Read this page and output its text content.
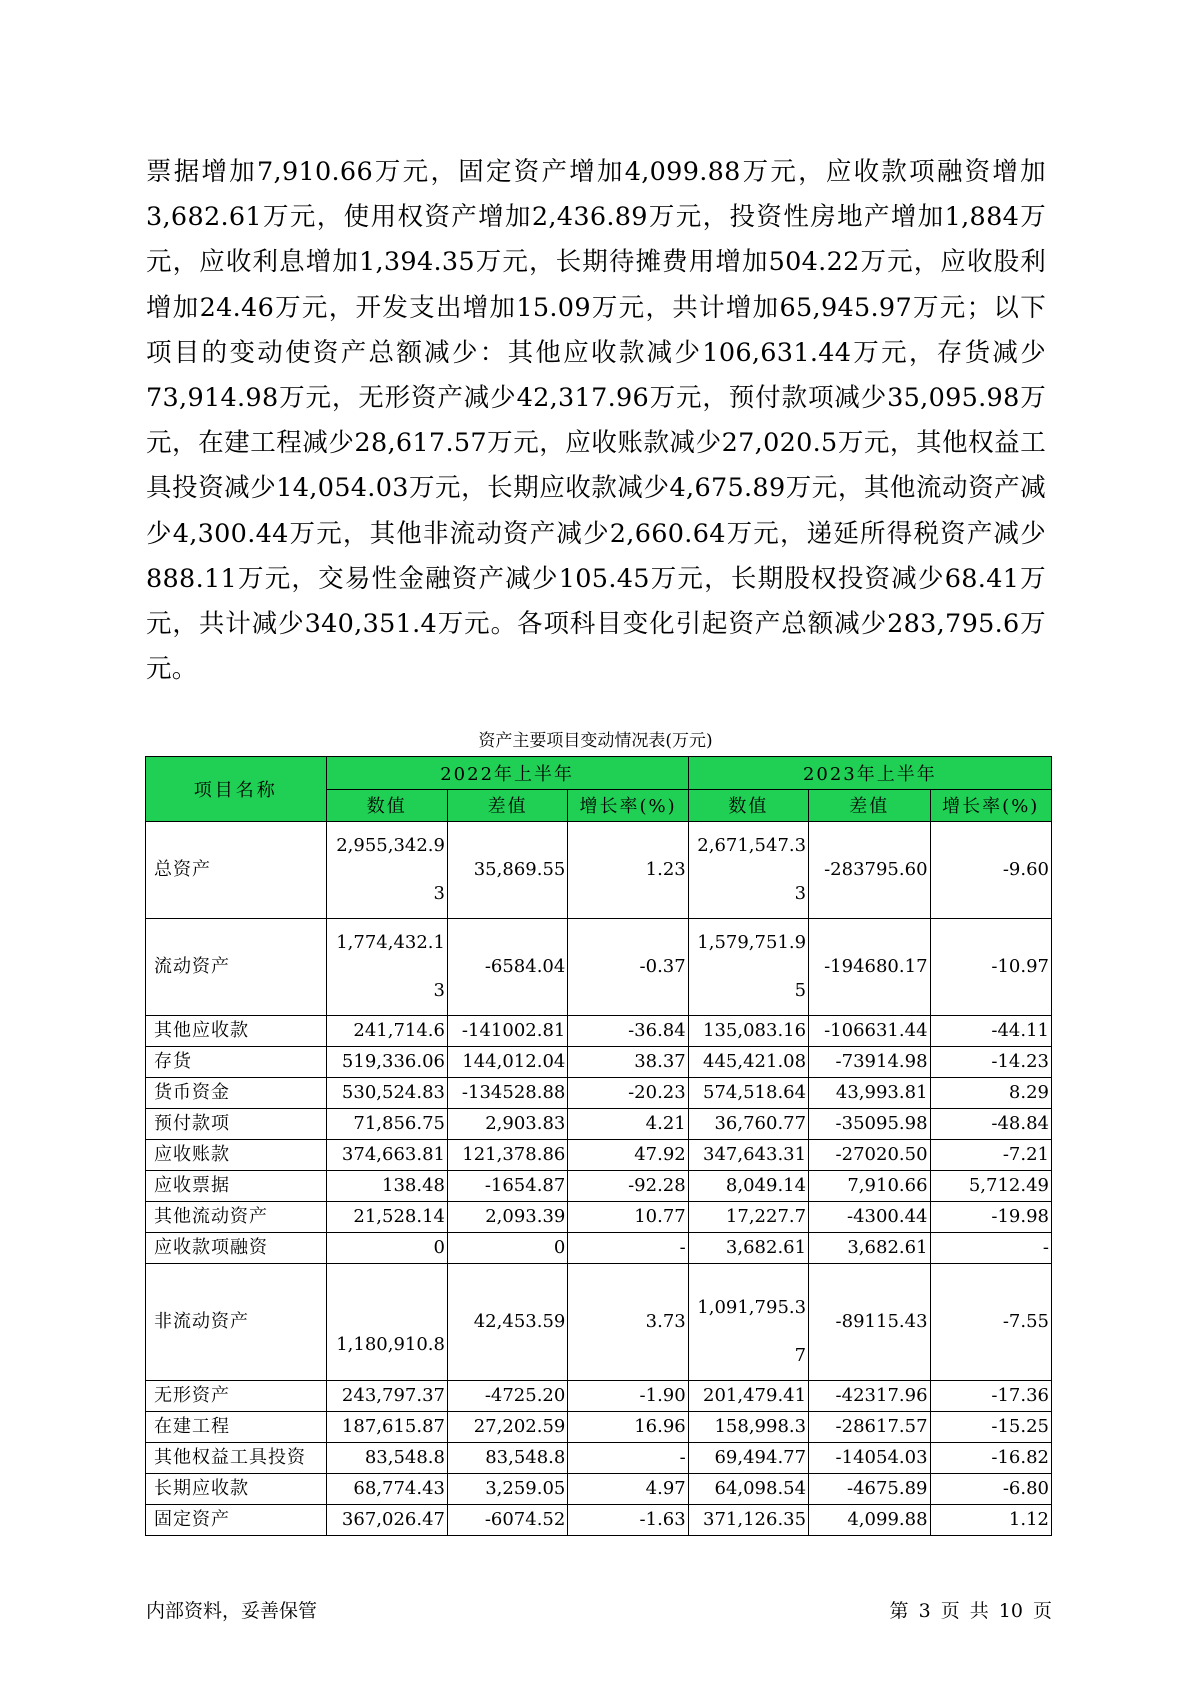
票据增加7,910.66万元，固定资产增加4,099.88万元，应收款项融资增加3,682.61万元，使用权资产增加2,436.89万元，投资性房地产增加1,884万元，应收利息增加1,394.35万元，长期待摊费用增加504.22万元，应收股利增加24.46万元，开发支出增加15.09万元，共计增加65,945.97万元；以下项目的变动使资产总额减少：其他应收款减少106,631.44万元，存货减少73,914.98万元，无形资产减少42,317.96万元，预付款项减少35,095.98万元，在建工程减少28,617.57万元，应收账款减少27,020.5万元，其他权益工具投资减少14,054.03万元，长期应收款减少4,675.89万元，其他流动资产减少4,300.44万元，其他非流动资产减少2,660.64万元，递延所得税资产减少888.11万元，交易性金融资产减少105.45万元，长期股权投资减少68.41万元，共计减少340,351.4万元。各项科目变化引起资产总额减少283,795.6万元。

资产主要项目变动情况表(万元)
项目名称	2022年上半年			2023年上半年		
	数值	差值	增长率(%)	数值	差值	增长率(%)
总资产	2,955,342.93	35,869.55	1.23	2,671,547.33	-283795.60	-9.60
流动资产	1,774,432.13	-6584.04	-0.37	1,579,751.95	-194680.17	-10.97
其他应收款	241,714.6	-141002.81	-36.84	135,083.16	-106631.44	-44.11
存货	519,336.06	144,012.04	38.37	445,421.08	-73914.98	-14.23
货币资金	530,524.83	-134528.88	-20.23	574,518.64	43,993.81	8.29
预付款项	71,856.75	2,903.83	4.21	36,760.77	-35095.98	-48.84
应收账款	374,663.81	121,378.86	47.92	347,643.31	-27020.50	-7.21
应收票据	138.48	-1654.87	-92.28	8,049.14	7,910.66	5,712.49
其他流动资产	21,528.14	2,093.39	10.77	17,227.7	-4300.44	-19.98
应收款项融资	0	0	-	3,682.61	3,682.61	-
非流动资产	1,180,910.8	42,453.59	3.73	1,091,795.37	-89115.43	-7.55
无形资产	243,797.37	-4725.20	-1.90	201,479.41	-42317.96	-17.36
在建工程	187,615.87	27,202.59	16.96	158,998.3	-28617.57	-15.25
其他权益工具投资	83,548.8	83,548.8	-	69,494.77	-14054.03	-16.82
长期应收款	68,774.43	3,259.05	4.97	64,098.54	-4675.89	-6.80
固定资产	367,026.47	-6074.52	-1.63	371,126.35	4,099.88	1.12
内部资料，妥善保管	第 3 页 共 10 页
